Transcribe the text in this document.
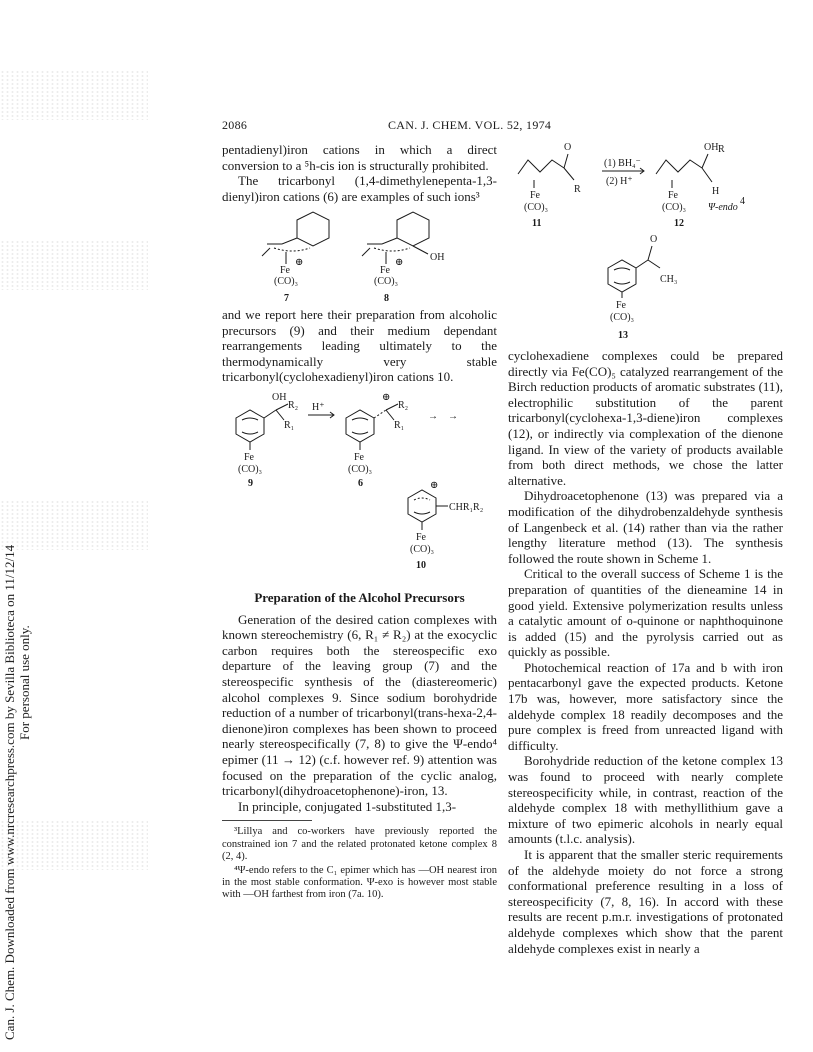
Can. J. Chem. Downloaded from www.nrcresearchpress.com by Sevilla Biblioteca on 11/12/14 For personal use only.
2086	CAN. J. CHEM. VOL. 52, 1974

pentadienyl)iron cations in which a direct conversion to a ⁵h-cis ion is structurally prohibited.

The tricarbonyl (1,4-dimethylenepenta-1,3-dienyl)iron cations (6) are examples of such ions³

Fe
⊕
(CO)₃
7
Fe
⊕	OH
(CO)₃
8

and we report here their preparation from alcoholic precursors (9) and their medium dependant rearrangements leading ultimately to the thermodynamically very stable tricarbonyl(cyclohexadienyl)iron cations 10.

OH
R₂
R₁
Fe
(CO)₃
9
H⁺
⊕
R₂
R₁
Fe
(CO)₃
6
→ →
⊕
CHR₁R₂
Fe
(CO)₃
10
Preparation of the Alcohol Precursors

Generation of the desired cation complexes with known stereochemistry (6, R₁ ≠ R₂) at the exocyclic carbon requires both the stereospecific exo departure of the leaving group (7) and the stereospecific synthesis of the (diastereomeric) alcohol complexes 9. Since sodium borohydride reduction of a number of tricarbonyl(trans-hexa-2,4-dienone)iron complexes has been shown to proceed nearly stereospecifically (7, 8) to give the Ψ-endo⁴ epimer (11 → 12) (c.f. however ref. 9) attention was focused on the preparation of the cyclic analog, tricarbonyl(dihydroacetophenone)-iron, 13.

In principle, conjugated 1-substituted 1,3-

³Lillya and co-workers have previously reported the constrained ion 7 and the related protonated ketone complex 8 (2, 4).

⁴Ψ-endo refers to the C₁ epimer which has —OH nearest iron in the most stable conformation. Ψ-exo is however most stable with —OH farthest from iron (7a. 10).

O
R
Fe
(CO)₃
11
(1) BH₄⁻
(2) H⁺
OH R
H
Fe
(CO)₃ Ψ-endo
4
12
O
CH₃
Fe
(CO)₃
13

cyclohexadiene complexes could be prepared directly via Fe(CO)₅ catalyzed rearrangement of the Birch reduction products of aromatic substrates (11), electrophilic substitution of the parent tricarbonyl(cyclohexa-1,3-diene)iron complexes (12), or indirectly via complexation of the dienone ligand. In view of the variety of products available from both direct methods, we chose the latter alternative.

Dihydroacetophenone (13) was prepared via a modification of the dihydrobenzaldehyde synthesis of Langenbeck et al. (14) rather than via the rather lengthy literature method (13). The synthesis followed the route shown in Scheme 1.

Critical to the overall success of Scheme 1 is the preparation of quantities of the dieneamine 14 in good yield. Extensive polymerization results unless a catalytic amount of o-quinone or naphthoquinone is added (15) and the pyrolysis carried out as quickly as possible.

Photochemical reaction of 17a and b with iron pentacarbonyl gave the expected products. Ketone 17b was, however, more satisfactory since the aldehyde complex 18 readily decomposes and the pure complex is freed from unreacted ligand with difficulty.

Borohydride reduction of the ketone complex 13 was found to proceed with nearly complete stereospecificity while, in contrast, reaction of the aldehyde complex 18 with methyllithium gave a mixture of two epimeric alcohols in nearly equal amounts (t.l.c. analysis).

It is apparent that the smaller steric requirements of the aldehyde moiety do not force a strong conformational preference resulting in a loss of stereospecificity (7, 8, 16). In accord with these results are recent p.m.r. investigations of protonated aldehyde complexes which show that the parent aldehyde complexes exist in nearly a
